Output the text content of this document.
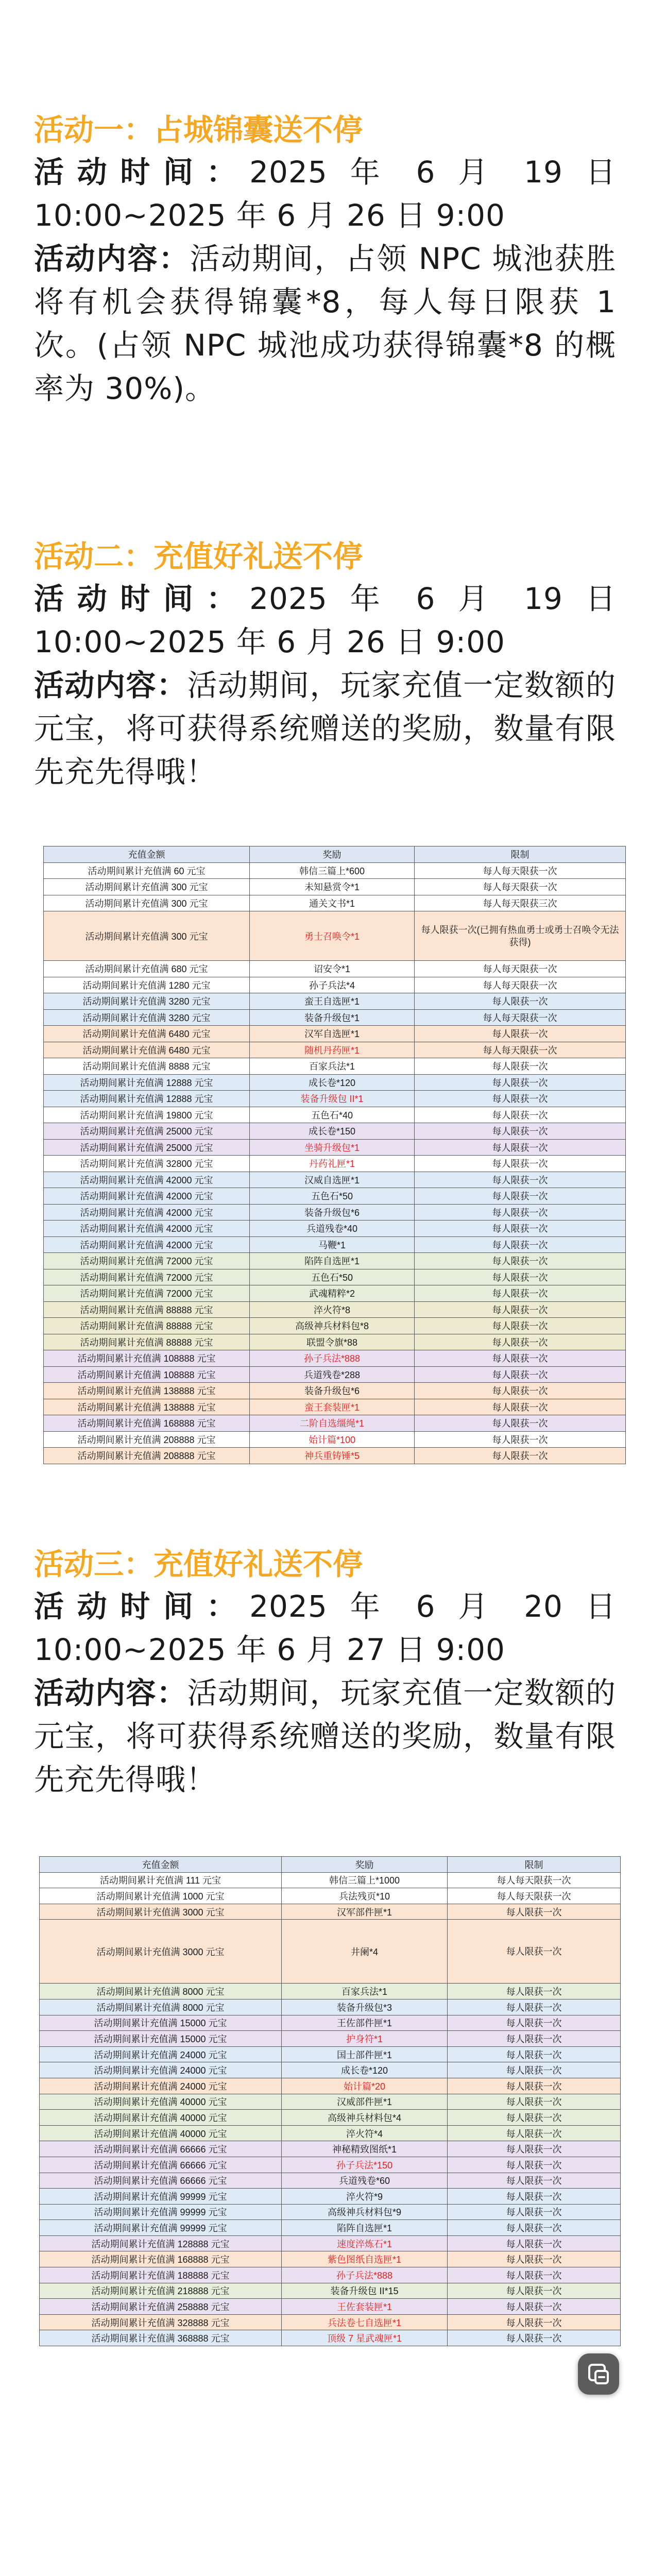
活动一：占城锦囊送不停
活动时间：2025 年 6 月 19 日 10:00~2025 年 6 月 26 日 9:00
活动内容：活动期间，占领 NPC 城池获胜将有机会获得锦囊*8，每人每日限获 1 次。(占领 NPC 城池成功获得锦囊*8 的概率为 30%)。
活动二：充值好礼送不停
活动时间：2025 年 6 月 19 日 10:00~2025 年 6 月 26 日 9:00
活动内容：活动期间，玩家充值一定数额的元宝，将可获得系统赠送的奖励，数量有限先充先得哦！
充值金额	奖励	限制
活动期间累计充值满 60 元宝	韩信三篇上*600	每人每天限获一次
活动期间累计充值满 300 元宝	未知悬赏令*1	每人每天限获一次
活动期间累计充值满 300 元宝	通关文书*1	每人每天限获三次
活动期间累计充值满 300 元宝	勇士召唤令*1	每人限获一次(已拥有热血勇士或勇士召唤令无法获得)
活动期间累计充值满 680 元宝	诏安令*1	每人每天限获一次
活动期间累计充值满 1280 元宝	孙子兵法*4	每人每天限获一次
活动期间累计充值满 3280 元宝	蛮王自选匣*1	每人限获一次
活动期间累计充值满 3280 元宝	装备升级包*1	每人每天限获一次
活动期间累计充值满 6480 元宝	汉军自选匣*1	每人限获一次
活动期间累计充值满 6480 元宝	随机丹药匣*1	每人每天限获一次
活动期间累计充值满 8888 元宝	百家兵法*1	每人限获一次
活动期间累计充值满 12888 元宝	成长卷*120	每人限获一次
活动期间累计充值满 12888 元宝	装备升级包 II*1	每人限获一次
活动期间累计充值满 19800 元宝	五色石*40	每人限获一次
活动期间累计充值满 25000 元宝	成长卷*150	每人限获一次
活动期间累计充值满 25000 元宝	坐骑升级包*1	每人限获一次
活动期间累计充值满 32800 元宝	丹药礼匣*1	每人限获一次
活动期间累计充值满 42000 元宝	汉威自选匣*1	每人限获一次
活动期间累计充值满 42000 元宝	五色石*50	每人限获一次
活动期间累计充值满 42000 元宝	装备升级包*6	每人限获一次
活动期间累计充值满 42000 元宝	兵道残卷*40	每人限获一次
活动期间累计充值满 42000 元宝	马鞭*1	每人限获一次
活动期间累计充值满 72000 元宝	陷阵自选匣*1	每人限获一次
活动期间累计充值满 72000 元宝	五色石*50	每人限获一次
活动期间累计充值满 72000 元宝	武魂精粹*2	每人限获一次
活动期间累计充值满 88888 元宝	淬火符*8	每人限获一次
活动期间累计充值满 88888 元宝	高级神兵材料包*8	每人限获一次
活动期间累计充值满 88888 元宝	联盟令旗*88	每人限获一次
活动期间累计充值满 108888 元宝	孙子兵法*888	每人限获一次
活动期间累计充值满 108888 元宝	兵道残卷*288	每人限获一次
活动期间累计充值满 138888 元宝	装备升级包*6	每人限获一次
活动期间累计充值满 138888 元宝	蛮王套装匣*1	每人限获一次
活动期间累计充值满 168888 元宝	二阶自选缰绳*1	每人限获一次
活动期间累计充值满 208888 元宝	始计篇*100	每人限获一次
活动期间累计充值满 208888 元宝	神兵重铸锤*5	每人限获一次
活动三：充值好礼送不停
活动时间：2025 年 6 月 20 日 10:00~2025 年 6 月 27 日 9:00
活动内容：活动期间，玩家充值一定数额的元宝，将可获得系统赠送的奖励，数量有限先充先得哦！
充值金额	奖励	限制
活动期间累计充值满 111 元宝	韩信三篇上*1000	每人每天限获一次
活动期间累计充值满 1000 元宝	兵法残页*10	每人每天限获一次
活动期间累计充值满 3000 元宝	汉军部件匣*1	每人限获一次
活动期间累计充值满 3000 元宝	井阑*4	每人限获一次
活动期间累计充值满 8000 元宝	百家兵法*1	每人限获一次
活动期间累计充值满 8000 元宝	装备升级包*3	每人限获一次
活动期间累计充值满 15000 元宝	王佐部件匣*1	每人限获一次
活动期间累计充值满 15000 元宝	护身符*1	每人限获一次
活动期间累计充值满 24000 元宝	国士部件匣*1	每人限获一次
活动期间累计充值满 24000 元宝	成长卷*120	每人限获一次
活动期间累计充值满 24000 元宝	始计篇*20	每人限获一次
活动期间累计充值满 40000 元宝	汉威部件匣*1	每人限获一次
活动期间累计充值满 40000 元宝	高级神兵材料包*4	每人限获一次
活动期间累计充值满 40000 元宝	淬火符*4	每人限获一次
活动期间累计充值满 66666 元宝	神秘精致图纸*1	每人限获一次
活动期间累计充值满 66666 元宝	孙子兵法*150	每人限获一次
活动期间累计充值满 66666 元宝	兵道残卷*60	每人限获一次
活动期间累计充值满 99999 元宝	淬火符*9	每人限获一次
活动期间累计充值满 99999 元宝	高级神兵材料包*9	每人限获一次
活动期间累计充值满 99999 元宝	陷阵自选匣*1	每人限获一次
活动期间累计充值满 128888 元宝	速度淬炼石*1	每人限获一次
活动期间累计充值满 168888 元宝	紫色图纸自选匣*1	每人限获一次
活动期间累计充值满 188888 元宝	孙子兵法*888	每人限获一次
活动期间累计充值满 218888 元宝	装备升级包 II*15	每人限获一次
活动期间累计充值满 258888 元宝	王佐套装匣*1	每人限获一次
活动期间累计充值满 328888 元宝	兵法卷七自选匣*1	每人限获一次
活动期间累计充值满 368888 元宝	顶级 7 星武魂匣*1	每人限获一次
